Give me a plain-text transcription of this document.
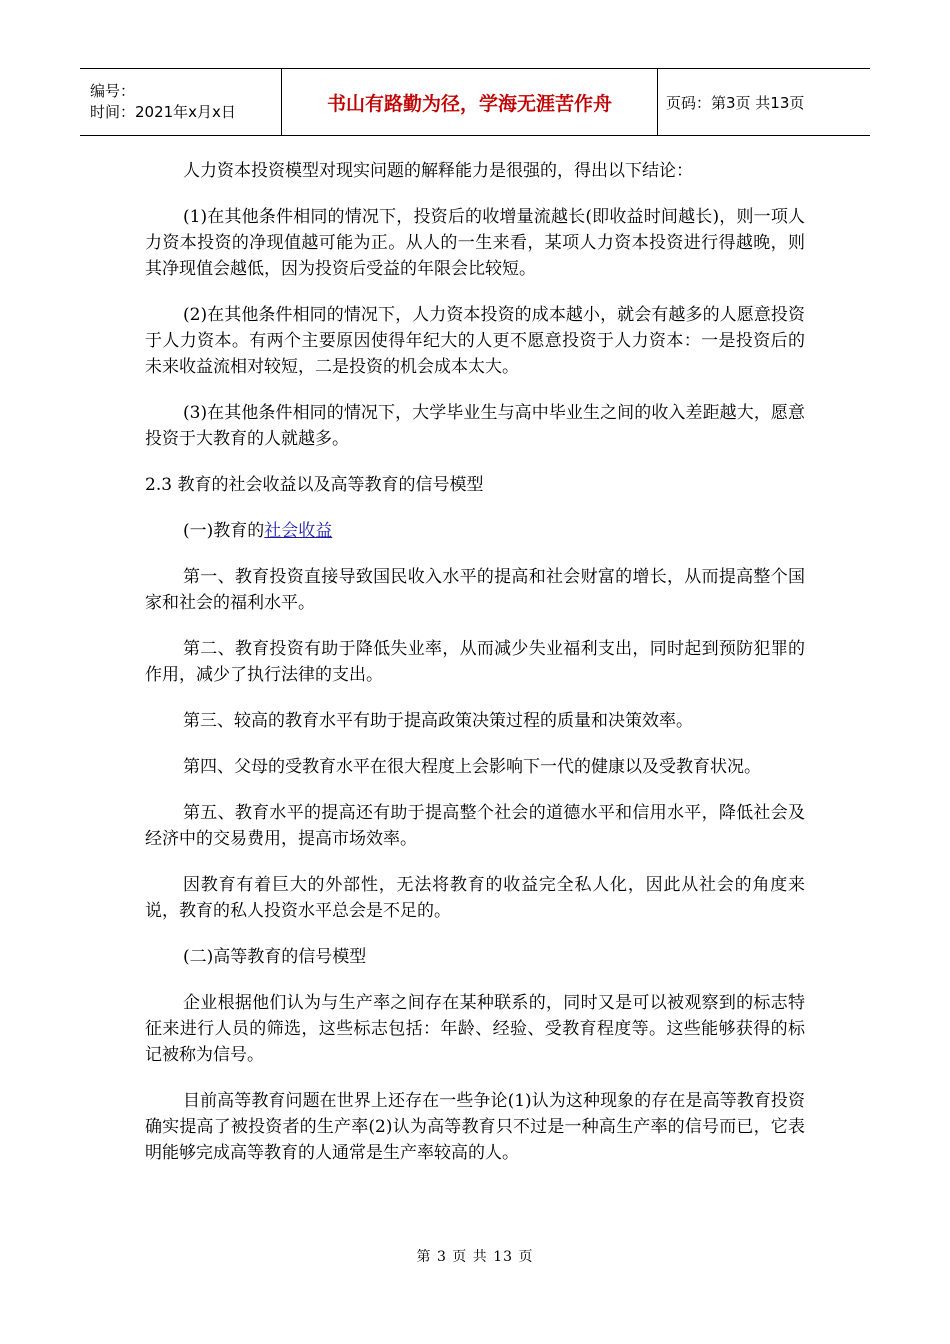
编号：
时间：2021年x月x日	书山有路勤为径，学海无涯苦作舟	页码：第3页 共13页

人力资本投资模型对现实问题的解释能力是很强的，得出以下结论：

(1)在其他条件相同的情况下，投资后的收增量流越长(即收益时间越长)，则一项人力资本投资的净现值越可能为正。从人的一生来看，某项人力资本投资进行得越晚，则其净现值会越低，因为投资后受益的年限会比较短。

(2)在其他条件相同的情况下，人力资本投资的成本越小，就会有越多的人愿意投资于人力资本。有两个主要原因使得年纪大的人更不愿意投资于人力资本：一是投资后的未来收益流相对较短，二是投资的机会成本太大。

(3)在其他条件相同的情况下，大学毕业生与高中毕业生之间的收入差距越大，愿意投资于大教育的人就越多。

2.3 教育的社会收益以及高等教育的信号模型

(一)教育的社会收益

第一、教育投资直接导致国民收入水平的提高和社会财富的增长，从而提高整个国家和社会的福利水平。

第二、教育投资有助于降低失业率，从而减少失业福利支出，同时起到预防犯罪的作用，减少了执行法律的支出。

第三、较高的教育水平有助于提高政策决策过程的质量和决策效率。

第四、父母的受教育水平在很大程度上会影响下一代的健康以及受教育状况。

第五、教育水平的提高还有助于提高整个社会的道德水平和信用水平，降低社会及经济中的交易费用，提高市场效率。

因教育有着巨大的外部性，无法将教育的收益完全私人化，因此从社会的角度来说，教育的私人投资水平总会是不足的。

(二)高等教育的信号模型

企业根据他们认为与生产率之间存在某种联系的，同时又是可以被观察到的标志特征来进行人员的筛选，这些标志包括：年龄、经验、受教育程度等。这些能够获得的标记被称为信号。

目前高等教育问题在世界上还存在一些争论(1)认为这种现象的存在是高等教育投资确实提高了被投资者的生产率(2)认为高等教育只不过是一种高生产率的信号而已，它表明能够完成高等教育的人通常是生产率较高的人。

第 3 页 共 13 页
